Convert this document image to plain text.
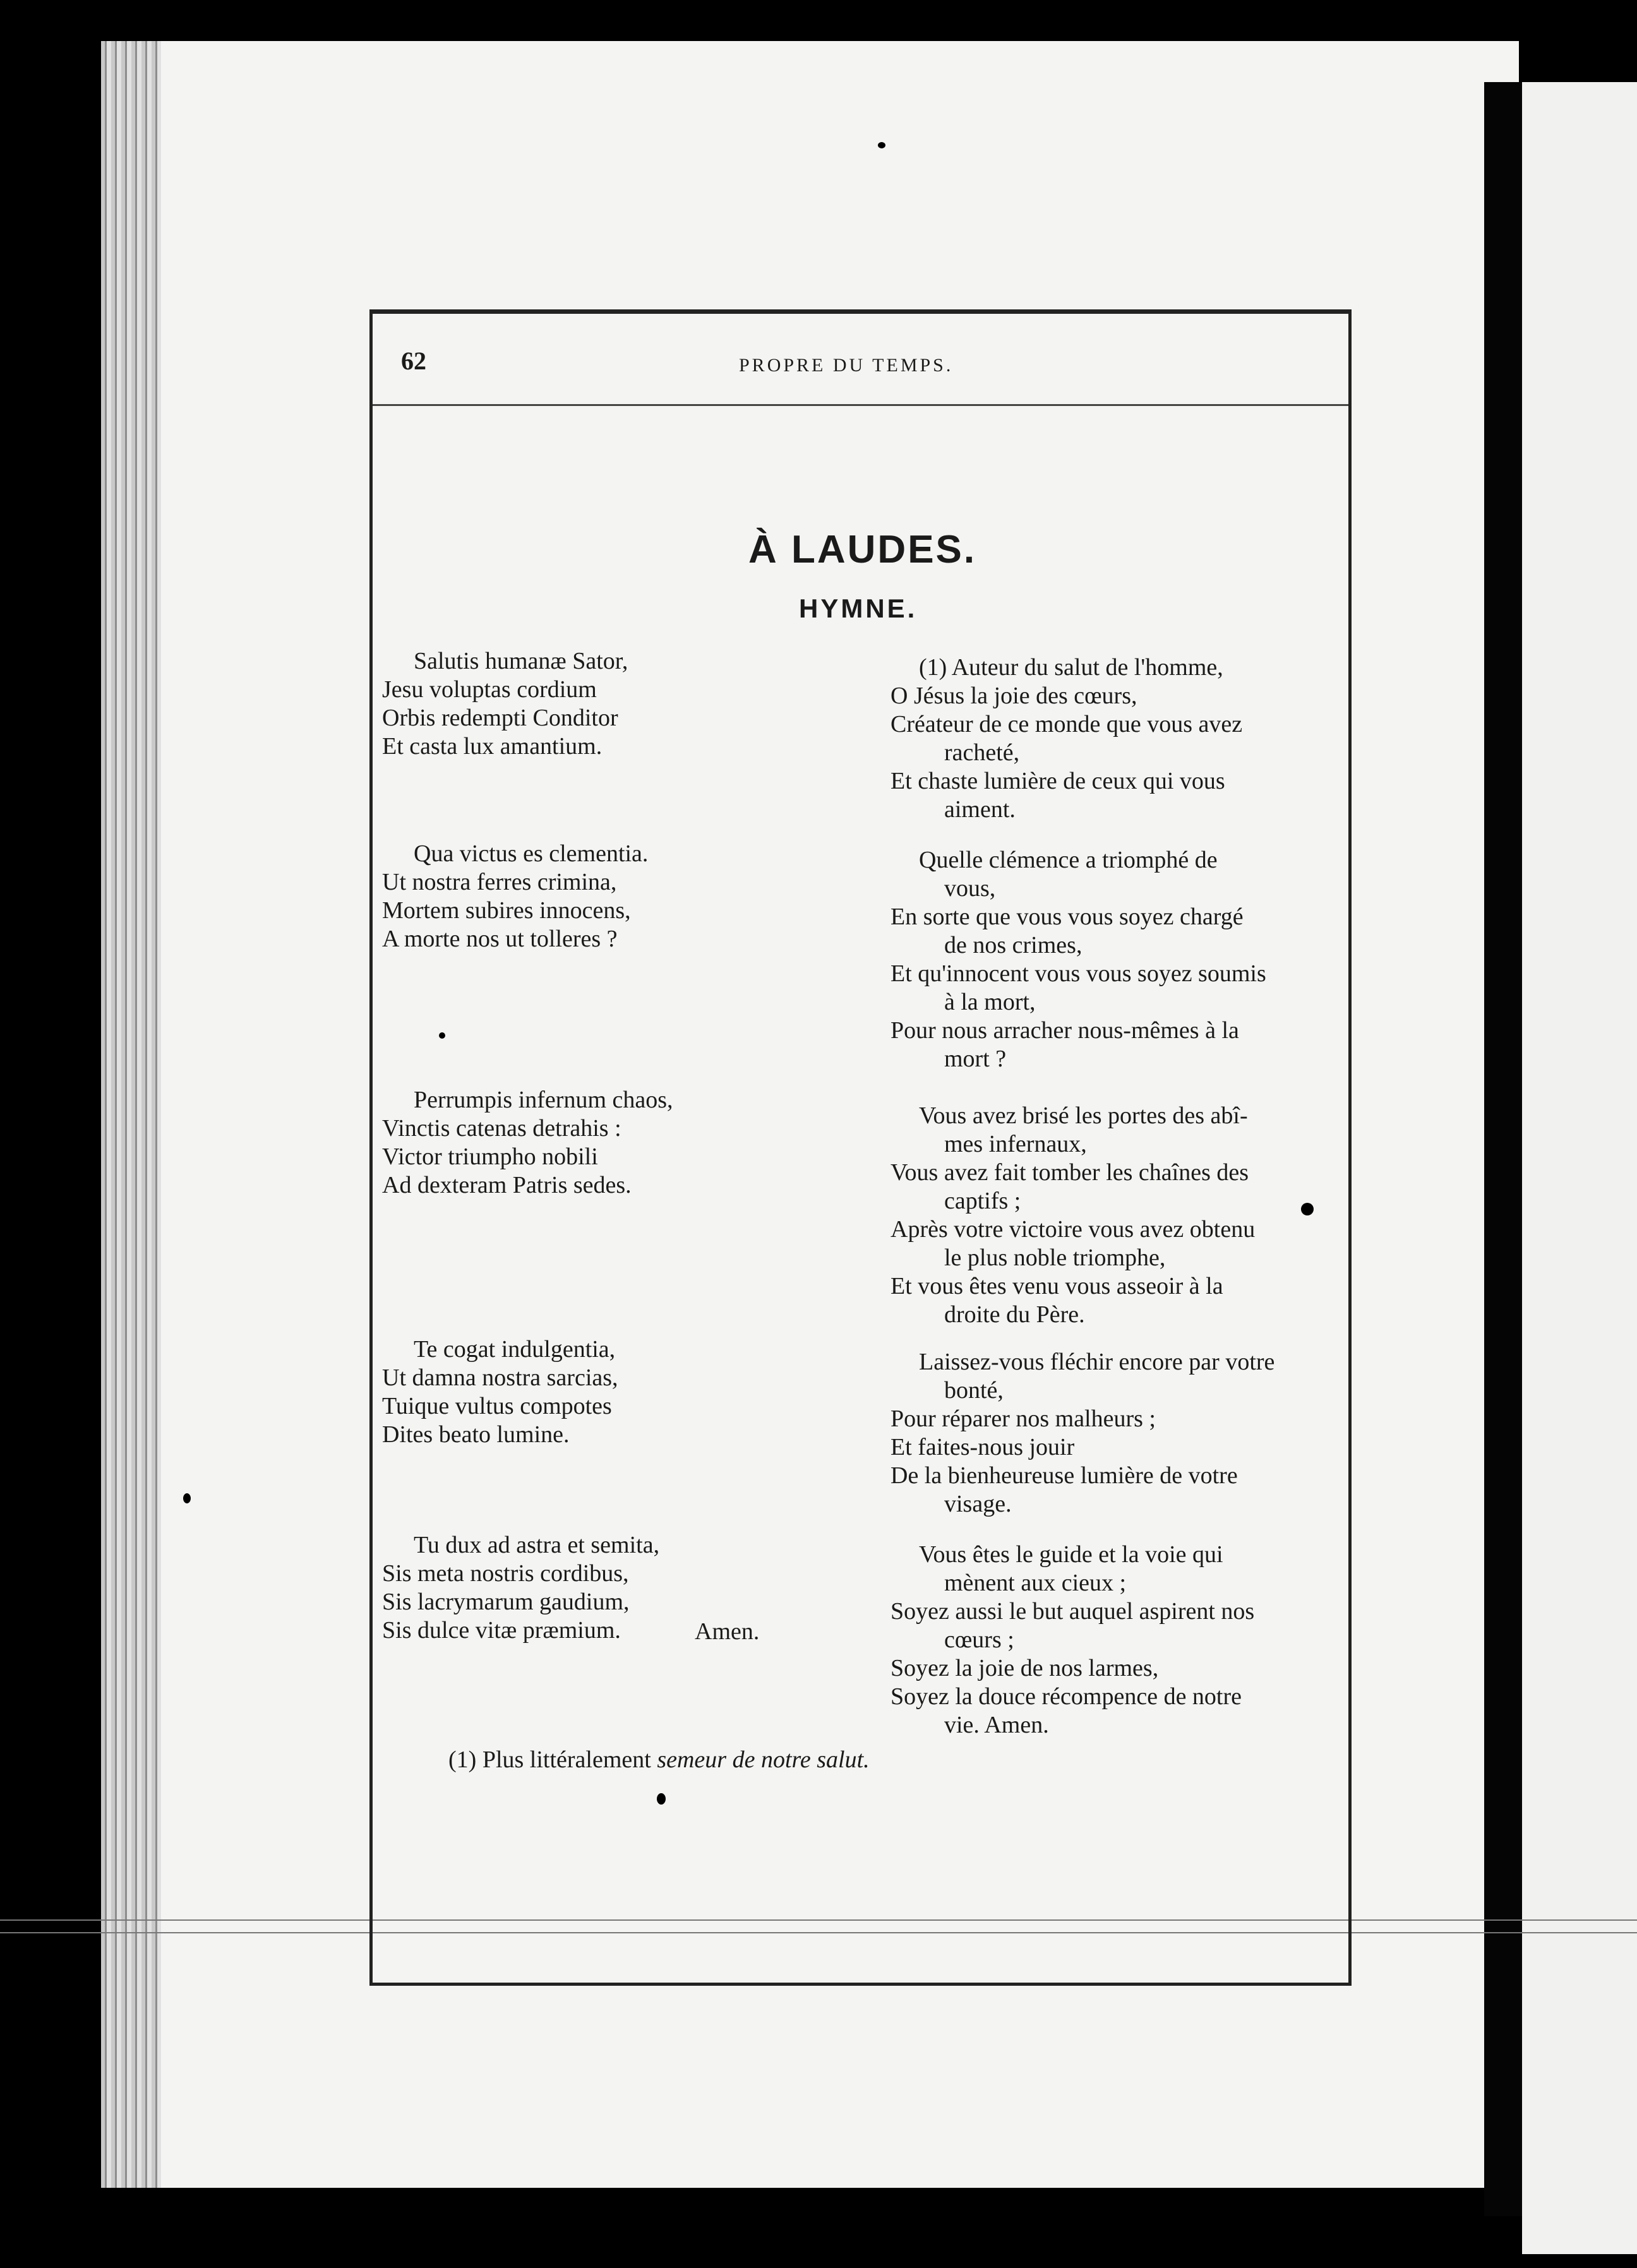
62	PROPRE DU TEMPS.
À LAUDES.
HYMNE.
Salutis humanæ Sator,
Jesu voluptas cordium
Orbis redempti Conditor
Et casta lux amantium.
Qua victus es clementia.
Ut nostra ferres crimina,
Mortem subires innocens,
A morte nos ut tolleres ?
Perrumpis infernum chaos,
Vinctis catenas detrahis :
Victor triumpho nobili
Ad dexteram Patris sedes.
Te cogat indulgentia,
Ut damna nostra sarcias,
Tuique vultus compotes
Dites beato lumine.
Tu dux ad astra et semita,
Sis meta nostris cordibus,
Sis lacrymarum gaudium,
Sis dulce vitæ præmium.	Amen.
(1) Auteur du salut de l'homme,
O Jésus la joie des cœurs,
Créateur de ce monde que vous avez
racheté,
Et chaste lumière de ceux qui vous
aiment.
Quelle clémence a triomphé de
vous,
En sorte que vous vous soyez chargé
de nos crimes,
Et qu'innocent vous vous soyez soumis
à la mort,
Pour nous arracher nous-mêmes à la
mort ?
Vous avez brisé les portes des abî-
mes infernaux,
Vous avez fait tomber les chaînes des
captifs ;
Après votre victoire vous avez obtenu
le plus noble triomphe,
Et vous êtes venu vous asseoir à la
droite du Père.
Laissez-vous fléchir encore par votre
bonté,
Pour réparer nos malheurs ;
Et faites-nous jouir
De la bienheureuse lumière de votre
visage.
Vous êtes le guide et la voie qui
mènent aux cieux ;
Soyez aussi le but auquel aspirent nos
cœurs ;
Soyez la joie de nos larmes,
Soyez la douce récompence de notre
vie. Amen.
(1) Plus littéralement semeur de notre salut.
